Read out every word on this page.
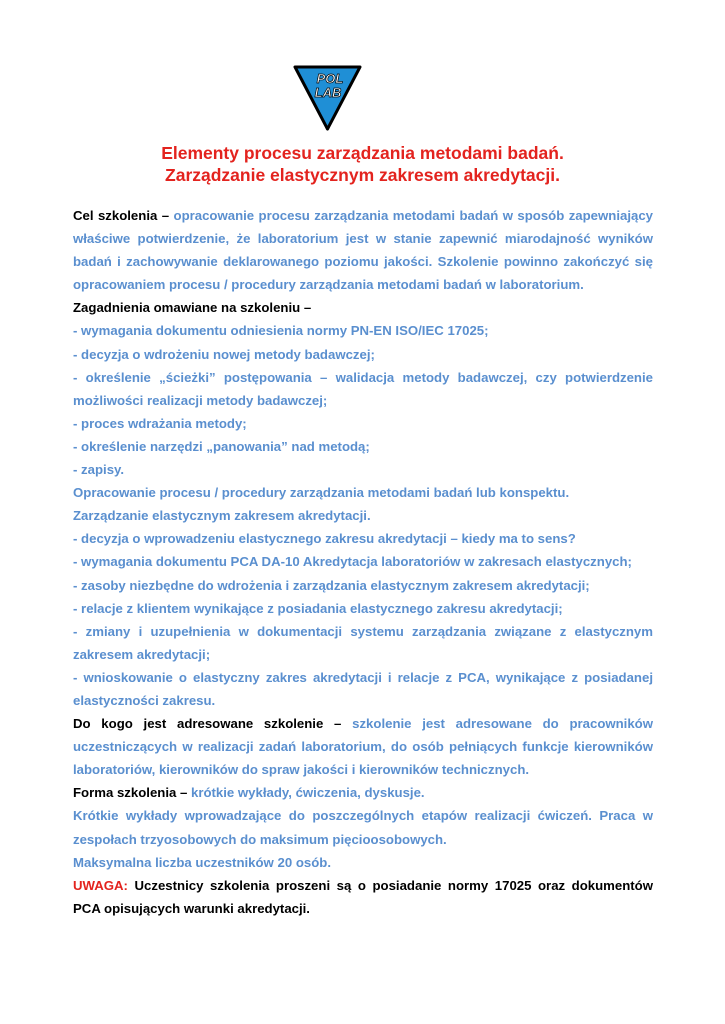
POL
LAB
Elementy procesu zarządzania metodami badań.
Zarządzanie elastycznym zakresem akredytacji.

Cel szkolenia – opracowanie procesu zarządzania metodami badań w sposób zapewniający właściwe potwierdzenie, że laboratorium jest w stanie zapewnić miarodajność wyników badań i zachowywanie deklarowanego poziomu jakości. Szkolenie powinno zakończyć się opracowaniem procesu / procedury zarządzania metodami badań w laboratorium.

Zagadnienia omawiane na szkoleniu –

- wymagania dokumentu odniesienia normy PN-EN ISO/IEC 17025;

- decyzja o wdrożeniu nowej metody badawczej;

- określenie „ścieżki” postępowania – walidacja metody badawczej, czy potwierdzenie możliwości realizacji metody badawczej;

- proces wdrażania metody;

- określenie narzędzi „panowania” nad metodą;

- zapisy.

Opracowanie procesu / procedury zarządzania metodami badań lub konspektu.

Zarządzanie elastycznym zakresem akredytacji.

- decyzja o wprowadzeniu elastycznego zakresu akredytacji – kiedy ma to sens?

- wymagania dokumentu PCA DA-10 Akredytacja laboratoriów w zakresach elastycznych;

- zasoby niezbędne do wdrożenia i zarządzania elastycznym zakresem akredytacji;

- relacje z klientem wynikające z posiadania elastycznego zakresu akredytacji;

- zmiany i uzupełnienia w dokumentacji systemu zarządzania związane z elastycznym zakresem akredytacji;

- wnioskowanie o elastyczny zakres akredytacji i relacje z PCA, wynikające z posiadanej elastyczności zakresu.

Do kogo jest adresowane szkolenie – szkolenie jest adresowane do pracowników uczestniczących w realizacji zadań laboratorium, do osób pełniących funkcje kierowników laboratoriów, kierowników do spraw jakości i kierowników technicznych.

Forma szkolenia – krótkie wykłady, ćwiczenia, dyskusje.

Krótkie wykłady wprowadzające do poszczególnych etapów realizacji ćwiczeń. Praca w zespołach trzyosobowych do maksimum pięcioosobowych.

Maksymalna liczba uczestników 20 osób.

UWAGA: Uczestnicy szkolenia proszeni są o posiadanie normy 17025 oraz dokumentów PCA opisujących warunki akredytacji.
